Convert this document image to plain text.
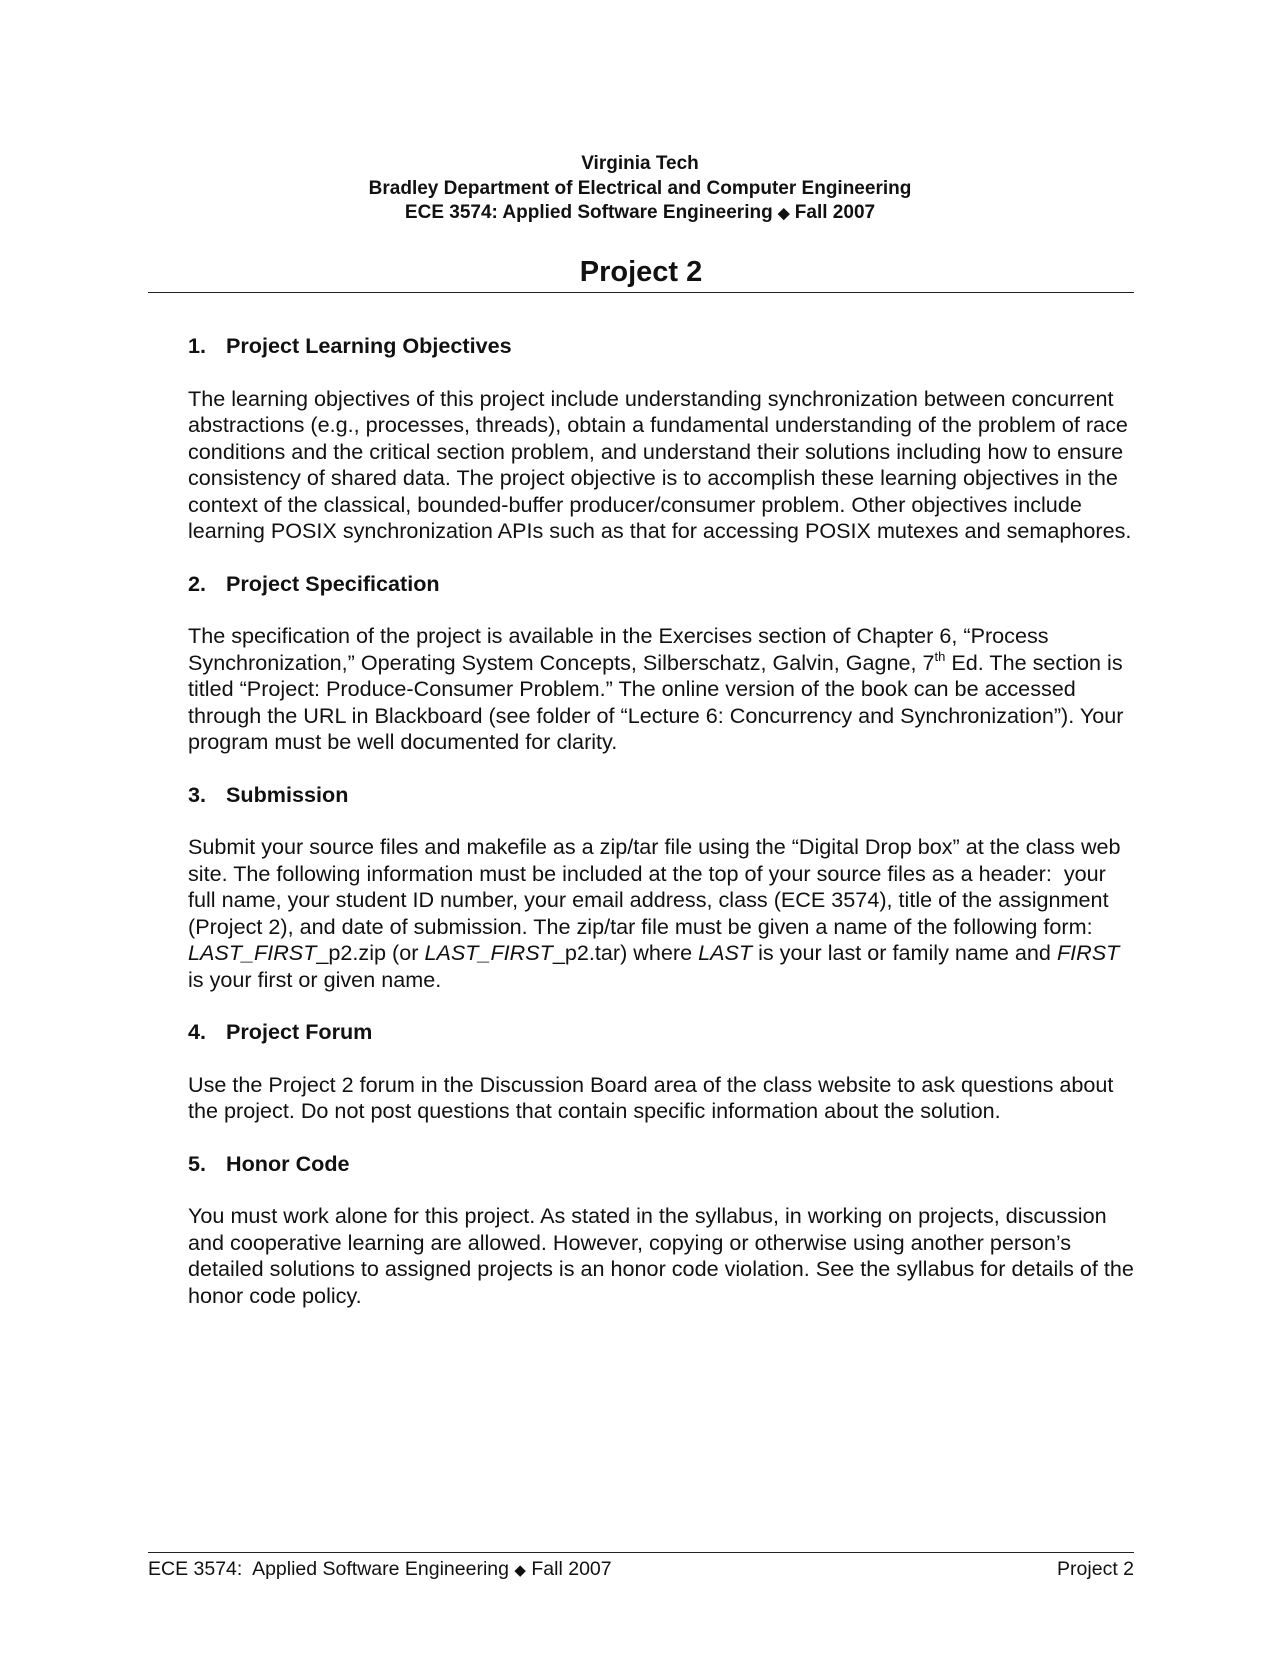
Virginia Tech
Bradley Department of Electrical and Computer Engineering
ECE 3574: Applied Software Engineering ◆ Fall 2007
Project 2
1. Project Learning Objectives
The learning objectives of this project include understanding synchronization between concurrent abstractions (e.g., processes, threads), obtain a fundamental understanding of the problem of race conditions and the critical section problem, and understand their solutions including how to ensure consistency of shared data. The project objective is to accomplish these learning objectives in the context of the classical, bounded-buffer producer/consumer problem. Other objectives include learning POSIX synchronization APIs such as that for accessing POSIX mutexes and semaphores.
2. Project Specification
The specification of the project is available in the Exercises section of Chapter 6, “Process Synchronization,” Operating System Concepts, Silberschatz, Galvin, Gagne, 7th Ed. The section is titled “Project: Produce-Consumer Problem.” The online version of the book can be accessed through the URL in Blackboard (see folder of “Lecture 6: Concurrency and Synchronization”). Your program must be well documented for clarity.
3. Submission
Submit your source files and makefile as a zip/tar file using the “Digital Drop box” at the class web site. The following information must be included at the top of your source files as a header:  your full name, your student ID number, your email address, class (ECE 3574), title of the assignment (Project 2), and date of submission. The zip/tar file must be given a name of the following form:  LAST_FIRST_p2.zip (or LAST_FIRST_p2.tar) where LAST is your last or family name and FIRST is your first or given name.
4. Project Forum
Use the Project 2 forum in the Discussion Board area of the class website to ask questions about the project. Do not post questions that contain specific information about the solution.
5. Honor Code
You must work alone for this project. As stated in the syllabus, in working on projects, discussion and cooperative learning are allowed. However, copying or otherwise using another person’s detailed solutions to assigned projects is an honor code violation. See the syllabus for details of the honor code policy.
ECE 3574:  Applied Software Engineering ◆ Fall 2007	Project 2
